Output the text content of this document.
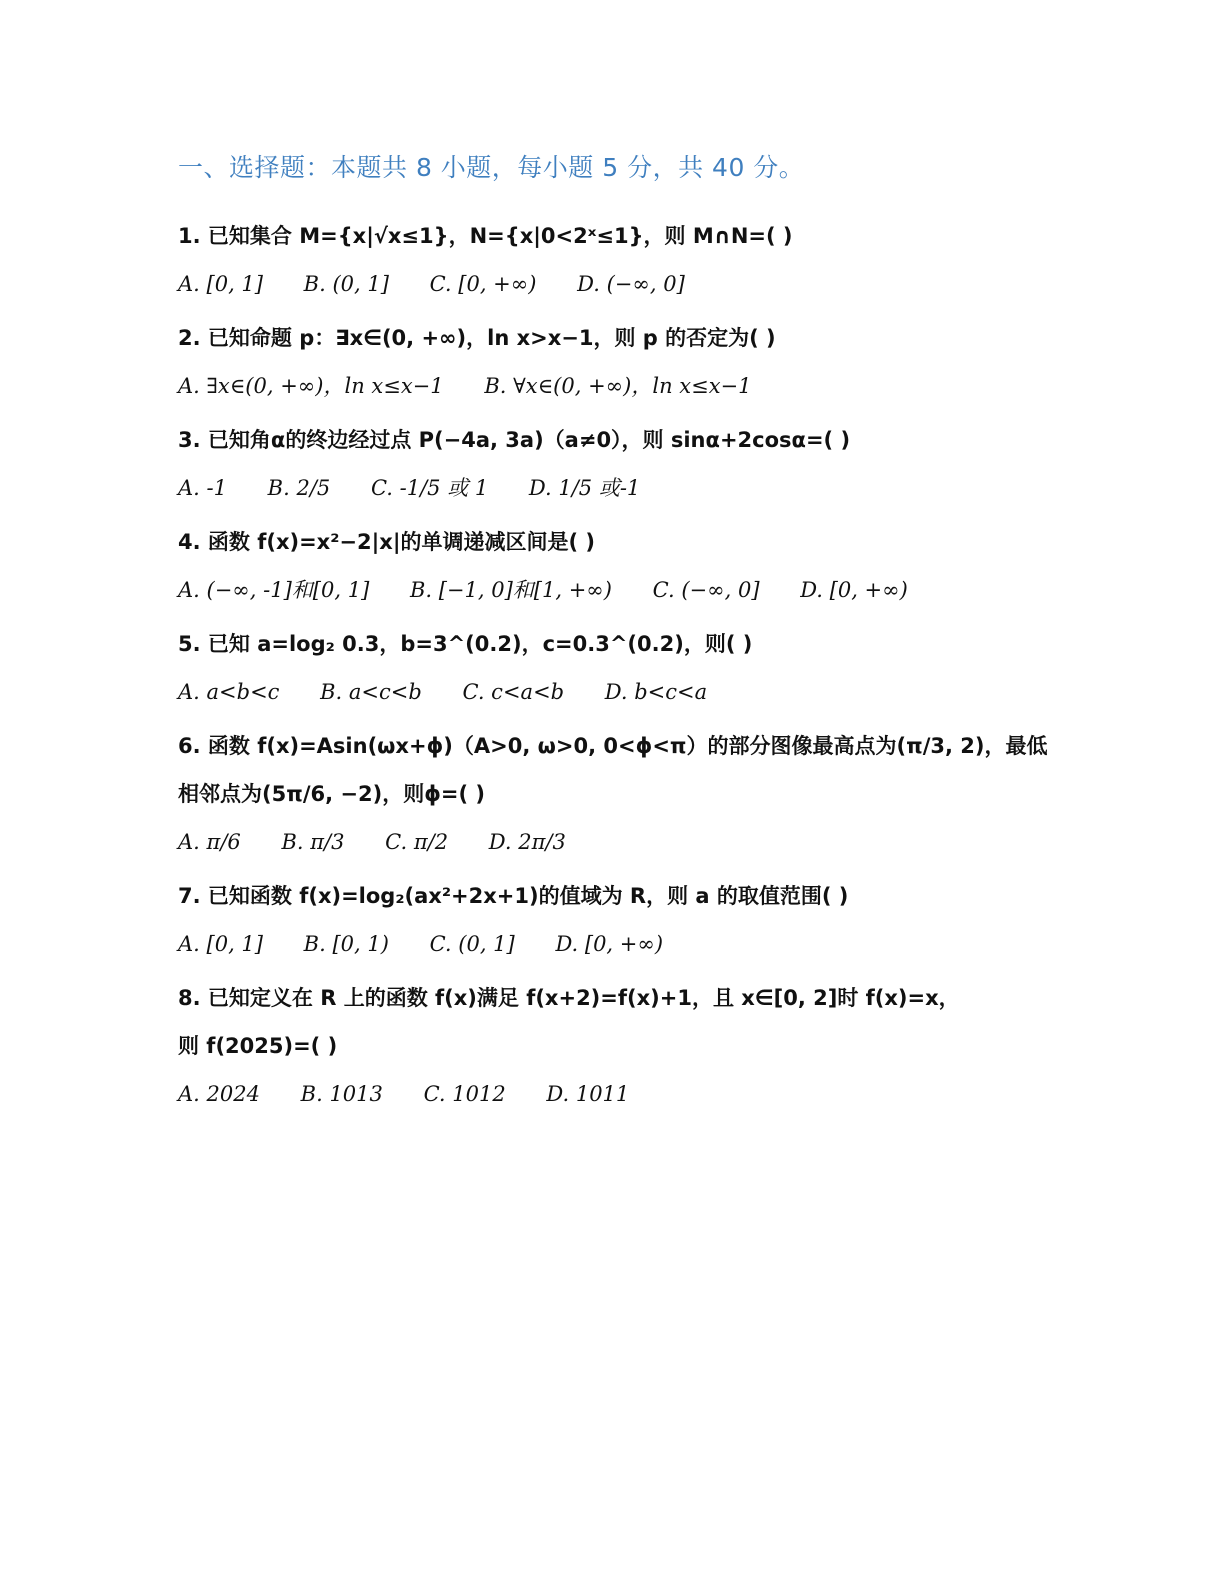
一、选择题：本题共 8 小题，每小题 5 分，共 40 分。

1. 已知集合 M={x|√x≤1}，N={x|0<2ˣ≤1}，则 M∩N=( )

A. [0, 1] B. (0, 1] C. [0, +∞) D. (−∞, 0]

2. 已知命题 p：∃x∈(0, +∞)，ln x>x−1，则 p 的否定为( )

A. ∃x∈(0, +∞)，ln x≤x−1 B. ∀x∈(0, +∞)，ln x≤x−1

3. 已知角α的终边经过点 P(−4a, 3a)（a≠0），则 sinα+2cosα=( )

A. -1 B. 2/5 C. -1/5 或 1 D. 1/5 或-1

4. 函数 f(x)=x²−2|x|的单调递减区间是( )

A. (−∞, -1]和[0, 1] B. [−1, 0]和[1, +∞) C. (−∞, 0] D. [0, +∞)

5. 已知 a=log₂ 0.3，b=3^(0.2)，c=0.3^(0.2)，则( )

A. a<b<c B. a<c<b C. c<a<b D. b<c<a

6. 函数 f(x)=Asin(ωx+ϕ)（A>0, ω>0, 0<ϕ<π）的部分图像最高点为(π/3, 2)，最低相邻点为(5π/6, −2)，则ϕ=( )

A. π/6 B. π/3 C. π/2 D. 2π/3

7. 已知函数 f(x)=log₂(ax²+2x+1)的值域为 R，则 a 的取值范围( )

A. [0, 1] B. [0, 1) C. (0, 1] D. [0, +∞)

8. 已知定义在 R 上的函数 f(x)满足 f(x+2)=f(x)+1，且 x∈[0, 2]时 f(x)=x，则 f(2025)=( )

A. 2024 B. 1013 C. 1012 D. 1011
